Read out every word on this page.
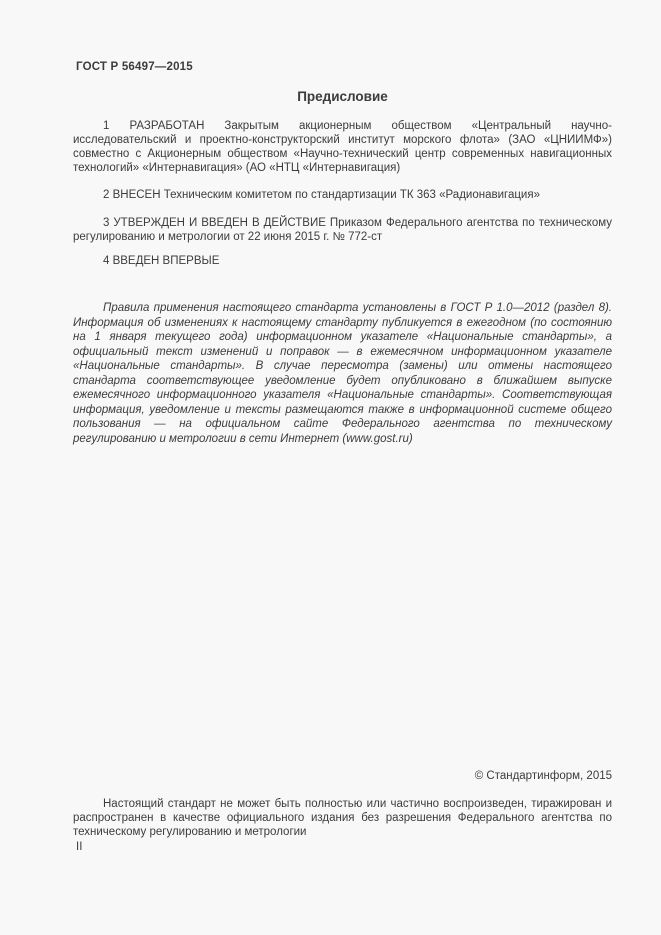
ГОСТ Р 56497—2015
Предисловие

1 РАЗРАБОТАН Закрытым акционерным обществом «Центральный научно-исследовательский и проектно-конструкторский институт морского флота» (ЗАО «ЦНИИМФ») совместно с Акционерным обществом «Научно-технический центр современных навигационных технологий» «Интернавигация» (АО «НТЦ «Интернавигация)

2 ВНЕСЕН Техническим комитетом по стандартизации ТК 363 «Радионавигация»

3 УТВЕРЖДЕН И ВВЕДЕН В ДЕЙСТВИЕ Приказом Федерального агентства по техническому регулированию и метрологии от 22 июня 2015 г. № 772-ст

4 ВВЕДЕН ВПЕРВЫЕ

Правила применения настоящего стандарта установлены в ГОСТ Р 1.0—2012 (раздел 8). Информация об изменениях к настоящему стандарту публикуется в ежегодном (по состоянию на 1 января текущего года) информационном указателе «Национальные стандарты», а официальный текст изменений и поправок — в ежемесячном информационном указателе «Национальные стандарты». В случае пересмотра (замены) или отмены настоящего стандарта соответствующее уведомление будет опубликовано в ближайшем выпуске ежемесячного информационного указателя «Национальные стандарты». Соответствующая информация, уведомление и тексты размещаются также в информационной системе общего пользования — на официальном сайте Федерального агентства по техническому регулированию и метрологии в сети Интернет (www.gost.ru)

© Стандартинформ, 2015

Настоящий стандарт не может быть полностью или частично воспроизведен, тиражирован и распространен в качестве официального издания без разрешения Федерального агентства по техническому регулированию и метрологии

II
